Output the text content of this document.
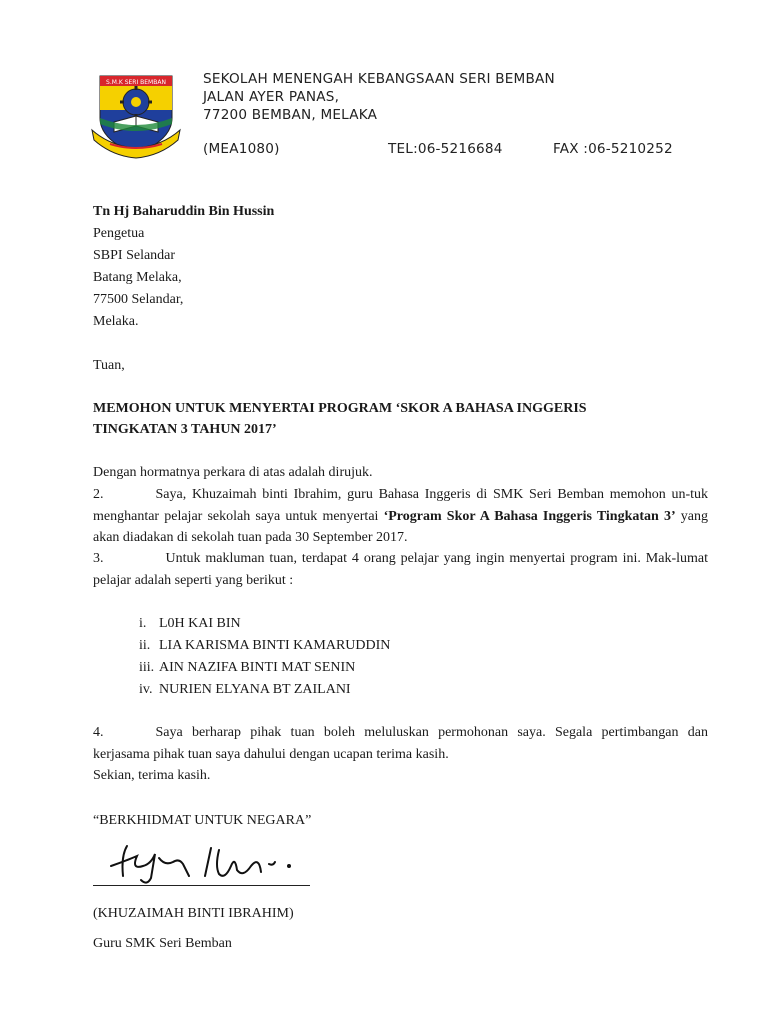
S.M.K SERI BEMBAN	SEKOLAH MENENGAH KEBANGSAAN SERI BEMBAN
JALAN AYER PANAS,
77200 BEMBAN, MELAKA
(MEA1080)	TEL:06-5216684	FAX :06-5210252
Tn Hj Baharuddin Bin Hussin
Pengetua
SBPI Selandar
Batang Melaka,
77500 Selandar,
Melaka.
Tuan,
MEMOHON UNTUK MENYERTAI PROGRAM ‘SKOR A BAHASA INGGERIS
TINGKATAN 3 TAHUN 2017’
Dengan hormatnya perkara di atas adalah dirujuk.
2.	Saya, Khuzaimah binti Ibrahim, guru Bahasa Inggeris di SMK Seri Bemban memohon un-tuk menghantar pelajar sekolah saya untuk menyertai ‘Program Skor A Bahasa Inggeris Tingkatan 3’ yang akan diadakan di sekolah tuan pada 30 September 2017.
3.	Untuk makluman tuan, terdapat 4 orang pelajar yang ingin menyertai program ini. Mak-lumat pelajar adalah seperti yang berikut :
i. L0H KAI BIN
ii. LIA KARISMA BINTI KAMARUDDIN
iii. AIN NAZIFA BINTI MAT SENIN
iv. NURIEN ELYANA BT ZAILANI
4.	Saya berharap pihak tuan boleh meluluskan permohonan saya. Segala pertimbangan dan kerjasama pihak tuan saya dahului dengan ucapan terima kasih.
Sekian, terima kasih.
“BERKHIDMAT UNTUK NEGARA”
(KHUZAIMAH BINTI IBRAHIM)
Guru SMK Seri Bemban
